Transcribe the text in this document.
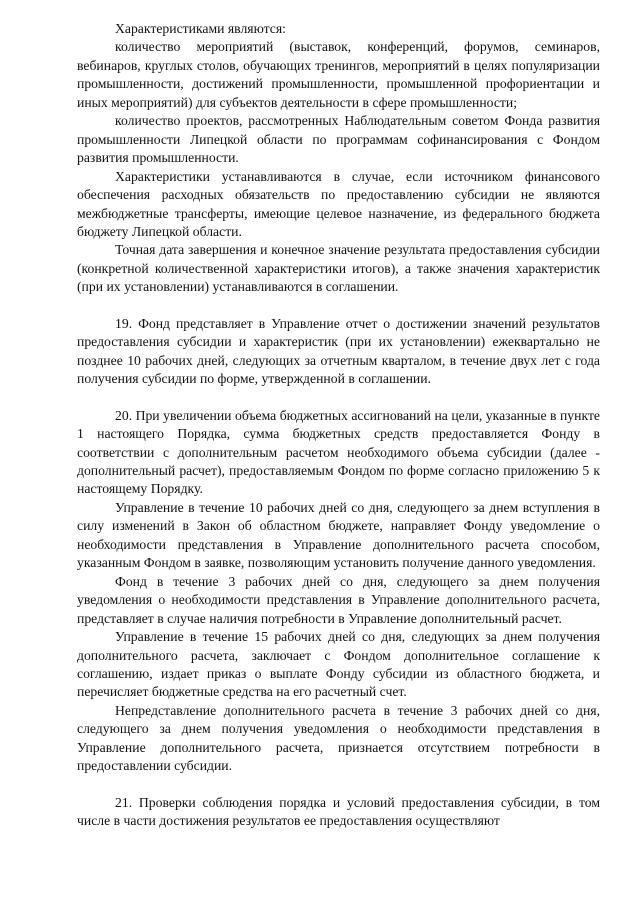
Характеристиками являются:

количество мероприятий (выставок, конференций, форумов, семинаров, вебинаров, круглых столов, обучающих тренингов, мероприятий в целях популяризации промышленности, достижений промышленности, промышленной профориентации и иных мероприятий) для субъектов деятельности в сфере промышленности;

количество проектов, рассмотренных Наблюдательным советом Фонда развития промышленности Липецкой области по программам софинансирования с Фондом развития промышленности.

Характеристики устанавливаются в случае, если источником финансового обеспечения расходных обязательств по предоставлению субсидии не являются межбюджетные трансферты, имеющие целевое назначение, из федерального бюджета бюджету Липецкой области.

Точная дата завершения и конечное значение результата предоставления субсидии (конкретной количественной характеристики итогов), а также значения характеристик (при их установлении) устанавливаются в соглашении.

19. Фонд представляет в Управление отчет о достижении значений результатов предоставления субсидии и характеристик (при их установлении) ежеквартально не позднее 10 рабочих дней, следующих за отчетным кварталом, в течение двух лет с года получения субсидии по форме, утвержденной в соглашении.

20. При увеличении объема бюджетных ассигнований на цели, указанные в пункте 1 настоящего Порядка, сумма бюджетных средств предоставляется Фонду в соответствии с дополнительным расчетом необходимого объема субсидии (далее - дополнительный расчет), предоставляемым Фондом по форме согласно приложению 5 к настоящему Порядку.

Управление в течение 10 рабочих дней со дня, следующего за днем вступления в силу изменений в Закон об областном бюджете, направляет Фонду уведомление о необходимости представления в Управление дополнительного расчета способом, указанным Фондом в заявке, позволяющим установить получение данного уведомления.

Фонд в течение 3 рабочих дней со дня, следующего за днем получения уведомления о необходимости представления в Управление дополнительного расчета, представляет в случае наличия потребности в Управление дополнительный расчет.

Управление в течение 15 рабочих дней со дня, следующих за днем получения дополнительного расчета, заключает с Фондом дополнительное соглашение к соглашению, издает приказ о выплате Фонду субсидии из областного бюджета, и перечисляет бюджетные средства на его расчетный счет.

Непредставление дополнительного расчета в течение 3 рабочих дней со дня, следующего за днем получения уведомления о необходимости представления в Управление дополнительного расчета, признается отсутствием потребности в предоставлении субсидии.

21. Проверки соблюдения порядка и условий предоставления субсидии, в том числе в части достижения результатов ее предоставления осуществляют
